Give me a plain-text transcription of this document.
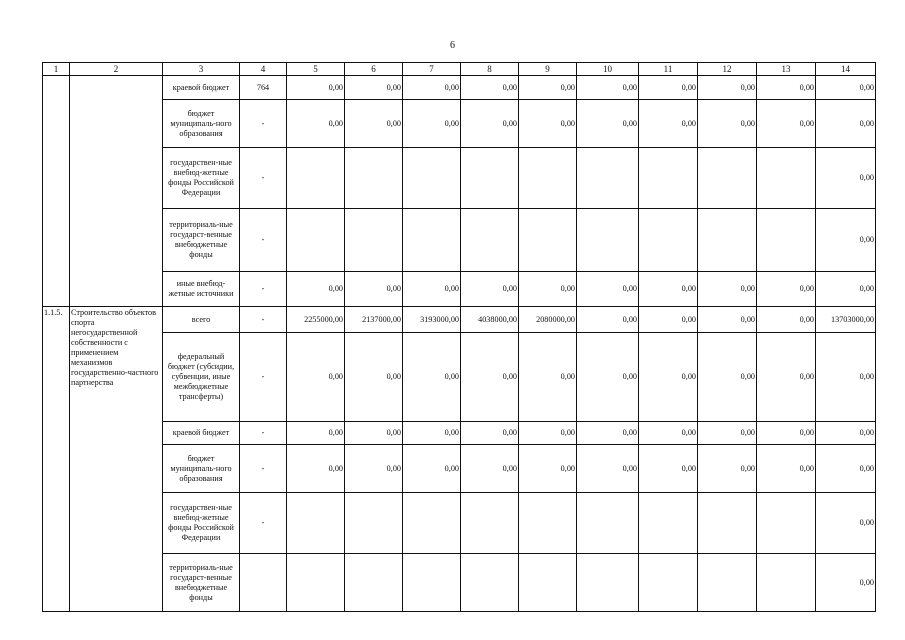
6
1	2	3	4	5	6	7	8	9	10	11	12	13	14
		краевой бюджет	764	0,00	0,00	0,00	0,00	0,00	0,00	0,00	0,00	0,00	0,00
		бюджет муниципаль-ного образования	-	0,00	0,00	0,00	0,00	0,00	0,00	0,00	0,00	0,00	0,00
		государствен-ные внебюд-жетные фонды Российской Федерации	-										0,00
		территориаль-ные государст-венные внебюджетные фонды	-										0,00
		иные внебюд-жетные источники	-	0,00	0,00	0,00	0,00	0,00	0,00	0,00	0,00	0,00	0,00
1.1.5.	Строительство объектов спорта негосударственной собственности с применением механизмов государственно-частного партнерства	всего	-	2255000,00	2137000,00	3193000,00	4038000,00	2080000,00	0,00	0,00	0,00	0,00	13703000,00
		федеральный бюджет (субсидии, субвенции, иные межбюджетные трансферты)	-	0,00	0,00	0,00	0,00	0,00	0,00	0,00	0,00	0,00	0,00
		краевой бюджет	-	0,00	0,00	0,00	0,00	0,00	0,00	0,00	0,00	0,00	0,00
		бюджет муниципаль-ного образования	-	0,00	0,00	0,00	0,00	0,00	0,00	0,00	0,00	0,00	0,00
		государствен-ные внебюд-жетные фонды Российской Федерации	-										0,00
		территориаль-ные государст-венные внебюджетные фонды											0,00
